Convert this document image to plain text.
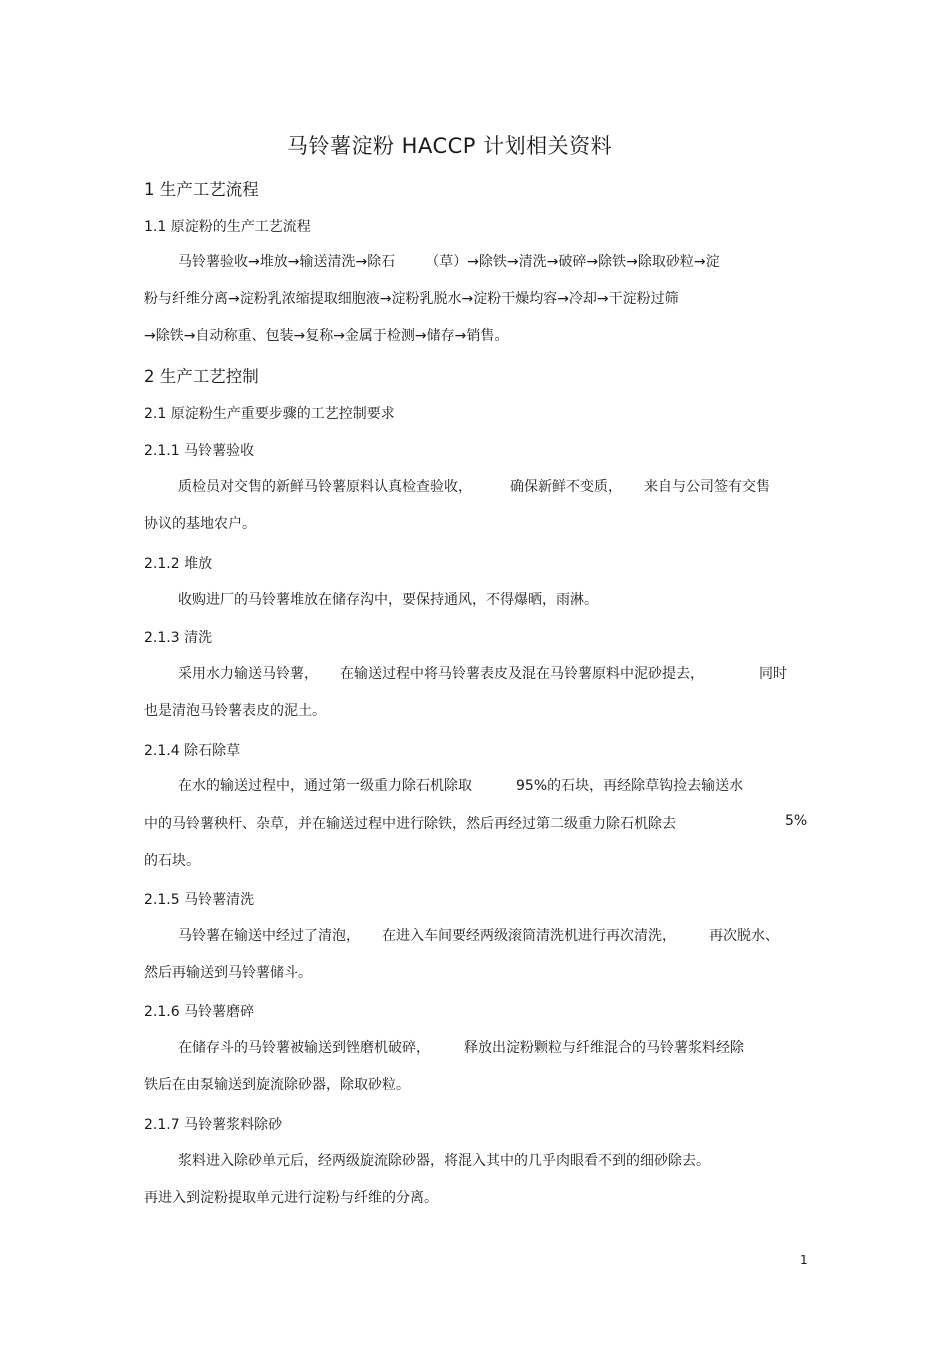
马铃薯淀粉 HACCP 计划相关资料
1 生产工艺流程
1.1 原淀粉的生产工艺流程
马铃薯验收→堆放→输送清洗→除石 （草）→除铁→清洗→破碎→除铁→除取砂粒→淀
粉与纤维分离→淀粉乳浓缩提取细胞液→淀粉乳脱水→淀粉干燥均容→冷却→干淀粉过筛
→除铁→自动称重、包装→复称→金属于检测→储存→销售。
2 生产工艺控制
2.1 原淀粉生产重要步骤的工艺控制要求
2.1.1 马铃薯验收
质检员对交售的新鲜马铃薯原料认真检查验收，	确保新鲜不变质， 来自与公司签有交售
协议的基地农户。
2.1.2 堆放
收购进厂的马铃薯堆放在储存沟中，要保持通风，不得爆晒，雨淋。
2.1.3 清洗
采用水力输送马铃薯， 在输送过程中将马铃薯表皮及混在马铃薯原料中泥砂提去，	同时
也是清泡马铃薯表皮的泥土。
2.1.4 除石除草
在水的输送过程中，通过第一级重力除石机除取	95%的石块，再经除草钩捡去输送水
中的马铃薯秧杆、杂草，并在输送过程中进行除铁，然后再经过第二级重力除石机除去	5%
的石块。
2.1.5 马铃薯清洗
马铃薯在输送中经过了清泡， 在进入车间要经两级滚筒清洗机进行再次清洗， 再次脱水、
然后再输送到马铃薯储斗。
2.1.6 马铃薯磨碎
在储存斗的马铃薯被输送到锉磨机破碎， 释放出淀粉颗粒与纤维混合的马铃薯浆料经除
铁后在由泵输送到旋流除砂器，除取砂粒。
2.1.7 马铃薯浆料除砂
浆料进入除砂单元后，经两级旋流除砂器，将混入其中的几乎肉眼看不到的细砂除去。
再进入到淀粉提取单元进行淀粉与纤维的分离。
1
